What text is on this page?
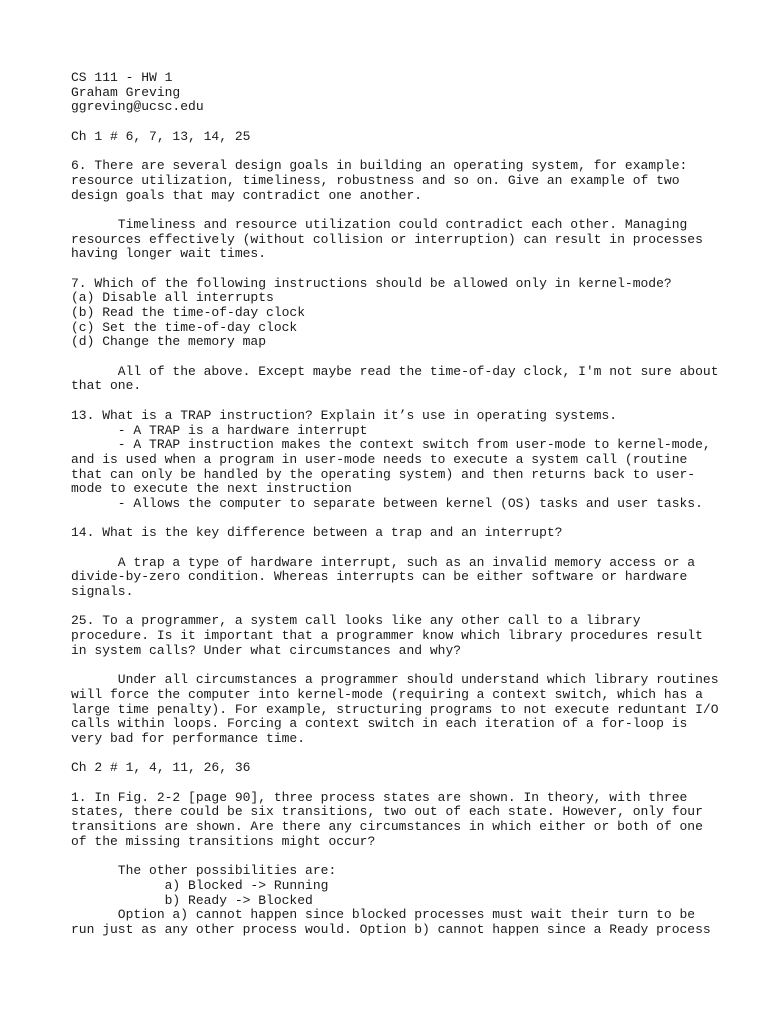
CS 111 - HW 1
Graham Greving
ggreving@ucsc.edu
Ch 1 # 6, 7, 13, 14, 25
6. There are several design goals in building an operating system, for example:
resource utilization, timeliness, robustness and so on. Give an example of two
design goals that may contradict one another.
Timeliness and resource utilization could contradict each other. Managing
resources effectively (without collision or interruption) can result in processes
having longer wait times.
7. Which of the following instructions should be allowed only in kernel-mode?
(a) Disable all interrupts
(b) Read the time-of-day clock
(c) Set the time-of-day clock
(d) Change the memory map
All of the above. Except maybe read the time-of-day clock, I'm not sure about
that one.
13. What is a TRAP instruction? Explain it’s use in operating systems.
- A TRAP is a hardware interrupt
- A TRAP instruction makes the context switch from user-mode to kernel-mode,
and is used when a program in user-mode needs to execute a system call (routine
that can only be handled by the operating system) and then returns back to user-
mode to execute the next instruction
- Allows the computer to separate between kernel (OS) tasks and user tasks.
14. What is the key difference between a trap and an interrupt?
A trap a type of hardware interrupt, such as an invalid memory access or a
divide-by-zero condition. Whereas interrupts can be either software or hardware
signals.
25. To a programmer, a system call looks like any other call to a library
procedure. Is it important that a programmer know which library procedures result
in system calls? Under what circumstances and why?
Under all circumstances a programmer should understand which library routines
will force the computer into kernel-mode (requiring a context switch, which has a
large time penalty). For example, structuring programs to not execute reduntant I/O
calls within loops. Forcing a context switch in each iteration of a for-loop is
very bad for performance time.
Ch 2 # 1, 4, 11, 26, 36
1. In Fig. 2-2 [page 90], three process states are shown. In theory, with three
states, there could be six transitions, two out of each state. However, only four
transitions are shown. Are there any circumstances in which either or both of one
of the missing transitions might occur?
The other possibilities are:
a) Blocked -> Running
b) Ready -> Blocked
Option a) cannot happen since blocked processes must wait their turn to be
run just as any other process would. Option b) cannot happen since a Ready process
